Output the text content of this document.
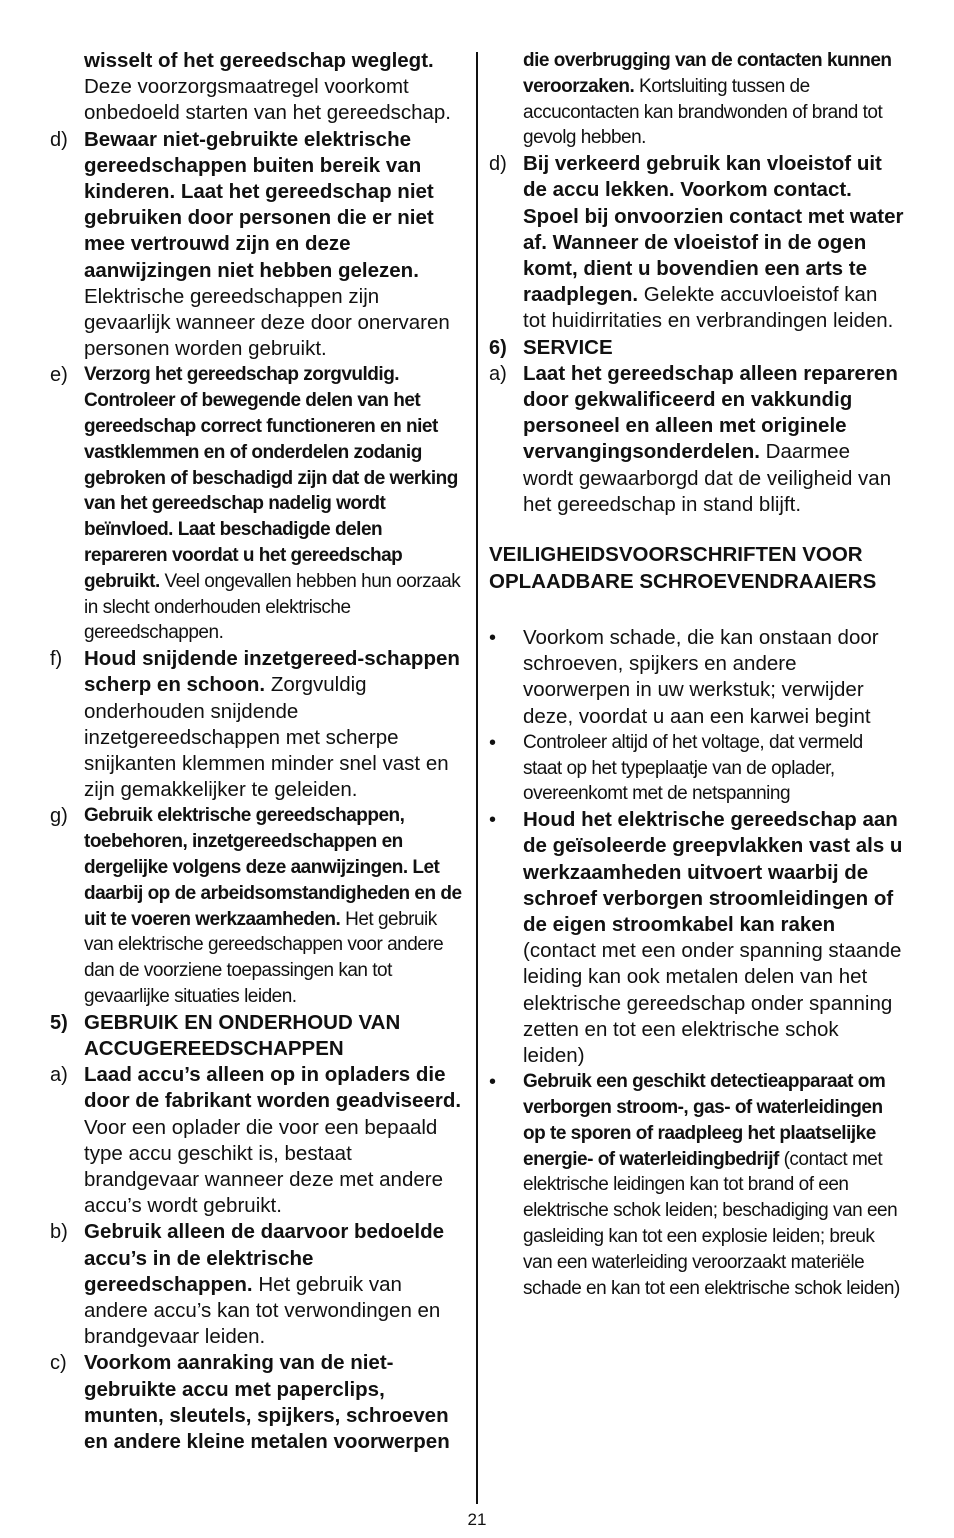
wisselt of het gereedschap weglegt. Deze voorzorgsmaatregel voorkomt onbedoeld starten van het gereedschap.

d) Bewaar niet-gebruikte elektrische gereedschappen buiten bereik van kinderen. Laat het gereedschap niet gebruiken door personen die er niet mee vertrouwd zijn en deze aanwijzingen niet hebben gelezen. Elektrische gereedschappen zijn gevaarlijk wanneer deze door onervaren personen worden gebruikt.

e) Verzorg het gereedschap zorgvuldig. Controleer of bewegende delen van het gereedschap correct functioneren en niet vastklemmen en of onderdelen zodanig gebroken of beschadigd zijn dat de werking van het gereedschap nadelig wordt beïnvloed. Laat beschadigde delen repareren voordat u het gereedschap gebruikt. Veel ongevallen hebben hun oorzaak in slecht onderhouden elektrische gereedschappen.

f) Houd snijdende inzetgereed-schappen scherp en schoon. Zorgvuldig onderhouden snijdende inzetgereedschappen met scherpe snijkanten klemmen minder snel vast en zijn gemakkelijker te geleiden.

g) Gebruik elektrische gereedschappen, toebehoren, inzetgereedschappen en dergelijke volgens deze aanwijzingen. Let daarbij op de arbeidsomstandigheden en de uit te voeren werkzaamheden. Het gebruik van elektrische gereedschappen voor andere dan de voorziene toepassingen kan tot gevaarlijke situaties leiden.

5) GEBRUIK EN ONDERHOUD VAN ACCUGEREEDSCHAPPEN

a) Laad accu’s alleen op in opladers die door de fabrikant worden geadviseerd. Voor een oplader die voor een bepaald type accu geschikt is, bestaat brandgevaar wanneer deze met andere accu’s wordt gebruikt.

b) Gebruik alleen de daarvoor bedoelde accu’s in de elektrische gereedschappen. Het gebruik van andere accu’s kan tot verwondingen en brandgevaar leiden.

c) Voorkom aanraking van de niet-gebruikte accu met paperclips, munten, sleutels, spijkers, schroeven en andere kleine metalen voorwerpen

die overbrugging van de contacten kunnen veroorzaken. Kortsluiting tussen de accucontacten kan brandwonden of brand tot gevolg hebben.

d) Bij verkeerd gebruik kan vloeistof uit de accu lekken. Voorkom contact. Spoel bij onvoorzien contact met water af. Wanneer de vloeistof in de ogen komt, dient u bovendien een arts te raadplegen. Gelekte accuvloeistof kan tot huidirritaties en verbrandingen leiden.

6) SERVICE

a) Laat het gereedschap alleen repareren door gekwalificeerd en vakkundig personeel en alleen met originele vervangingsonderdelen. Daarmee wordt gewaarborgd dat de veiligheid van het gereedschap in stand blijft.

VEILIGHEIDSVOORSCHRIFTEN VOOR OPLAADBARE SCHROEVENDRAAIERS

• Voorkom schade, die kan onstaan door schroeven, spijkers en andere voorwerpen in uw werkstuk; verwijder deze, voordat u aan een karwei begint

• Controleer altijd of het voltage, dat vermeld staat op het typeplaatje van de oplader, overeenkomt met de netspanning

• Houd het elektrische gereedschap aan de geïsoleerde greepvlakken vast als u werkzaamheden uitvoert waarbij de schroef verborgen stroomleidingen of de eigen stroomkabel kan raken (contact met een onder spanning staande leiding kan ook metalen delen van het elektrische gereedschap onder spanning zetten en tot een elektrische schok leiden)

• Gebruik een geschikt detectieapparaat om verborgen stroom-, gas- of waterleidingen op te sporen of raadpleeg het plaatselijke energie- of waterleidingbedrijf (contact met elektrische leidingen kan tot brand of een elektrische schok leiden; beschadiging van een gasleiding kan tot een explosie leiden; breuk van een waterleiding veroorzaakt materiële schade en kan tot een elektrische schok leiden)

21
